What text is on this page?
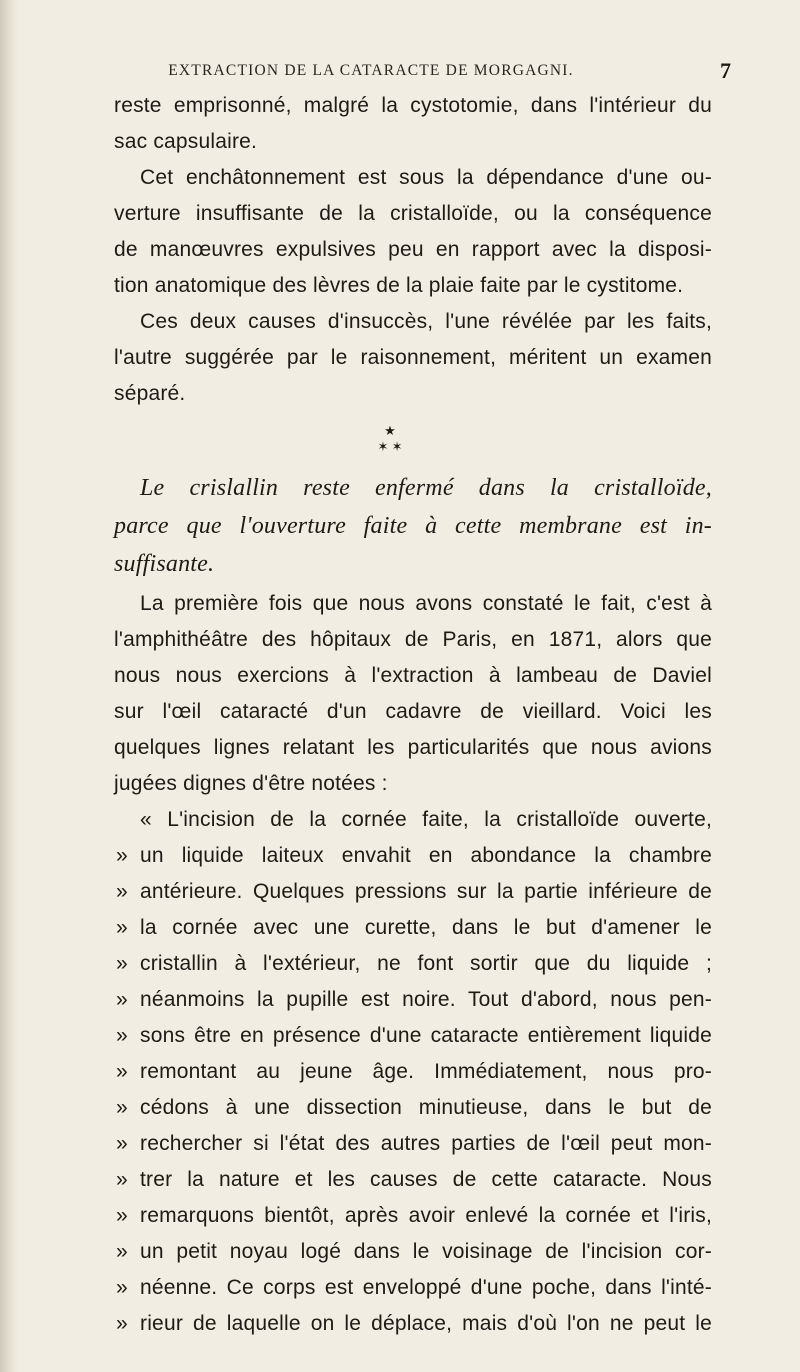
EXTRACTION DE LA CATARACTE DE MORGAGNI.	7
reste emprisonné, malgré la cystotomie, dans l'intérieur du
sac capsulaire.
Cet enchâtonnement est sous la dépendance d'une ou-
verture insuffisante de la cristalloïde, ou la conséquence
de manœuvres expulsives peu en rapport avec la disposi-
tion anatomique des lèvres de la plaie faite par le cystitome.
Ces deux causes d'insuccès, l'une révélée par les faits,
l'autre suggérée par le raisonnement, méritent un examen
séparé.
★
✶ ✶
Le crislallin reste enfermé dans la cristalloïde,
parce que l'ouverture faite à cette membrane est in-
suffisante.
La première fois que nous avons constaté le fait, c'est à
l'amphithéâtre des hôpitaux de Paris, en 1871, alors que
nous nous exercions à l'extraction à lambeau de Daviel
sur l'œil cataracté d'un cadavre de vieillard. Voici les
quelques lignes relatant les particularités que nous avions
jugées dignes d'être notées :
« L'incision de la cornée faite, la cristalloïde ouverte,
» un liquide laiteux envahit en abondance la chambre
» antérieure. Quelques pressions sur la partie inférieure de
» la cornée avec une curette, dans le but d'amener le
» cristallin à l'extérieur, ne font sortir que du liquide ;
» néanmoins la pupille est noire. Tout d'abord, nous pen-
» sons être en présence d'une cataracte entièrement liquide
» remontant au jeune âge. Immédiatement, nous pro-
» cédons à une dissection minutieuse, dans le but de
» rechercher si l'état des autres parties de l'œil peut mon-
» trer la nature et les causes de cette cataracte. Nous
» remarquons bientôt, après avoir enlevé la cornée et l'iris,
» un petit noyau logé dans le voisinage de l'incision cor-
» néenne. Ce corps est enveloppé d'une poche, dans l'inté-
» rieur de laquelle on le déplace, mais d'où l'on ne peut le
